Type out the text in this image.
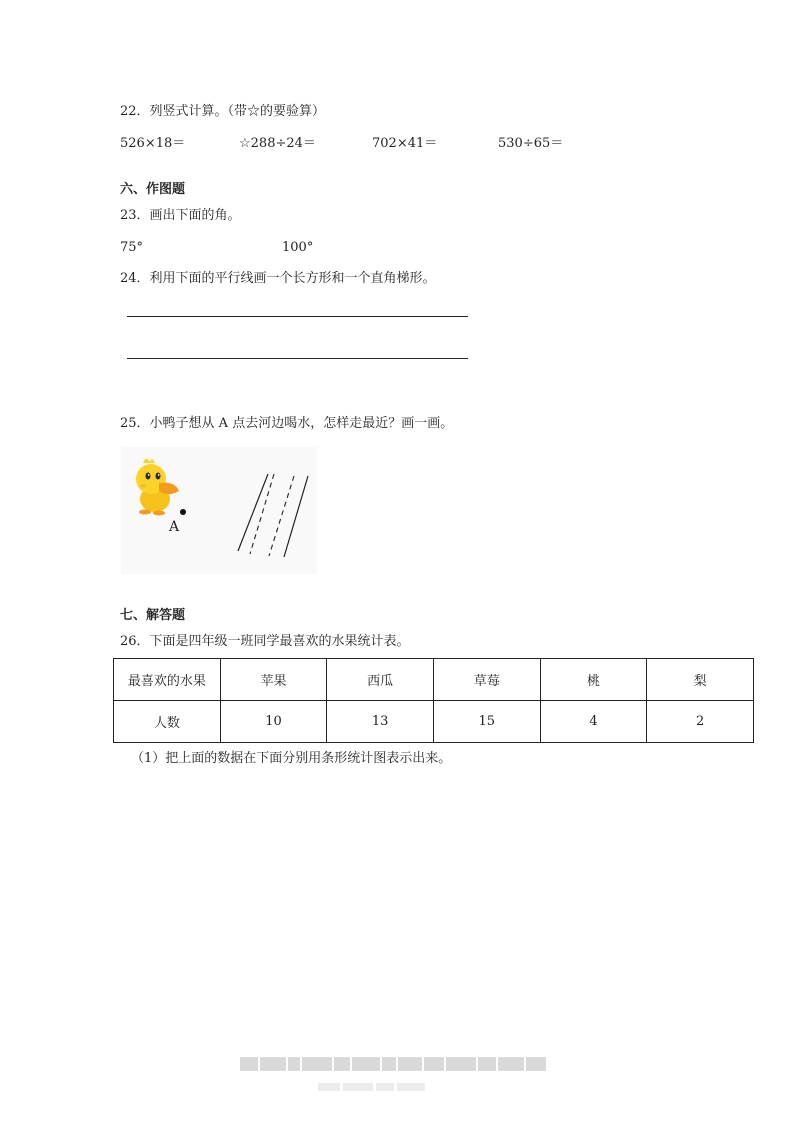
22．列竖式计算。（带☆的要验算）
526×18＝	☆288÷24＝	702×41＝	530÷65＝
六、作图题
23．画出下面的角。
75°	100°
24．利用下面的平行线画一个长方形和一个直角梯形。
25．小鸭子想从 A 点去河边喝水，怎样走最近？画一画。
A
七、解答题
26．下面是四年级一班同学最喜欢的水果统计表。
最喜欢的水果	苹果	西瓜	草莓	桃	梨
人数	10	13	15	4	2
（1）把上面的数据在下面分别用条形统计图表示出来。
